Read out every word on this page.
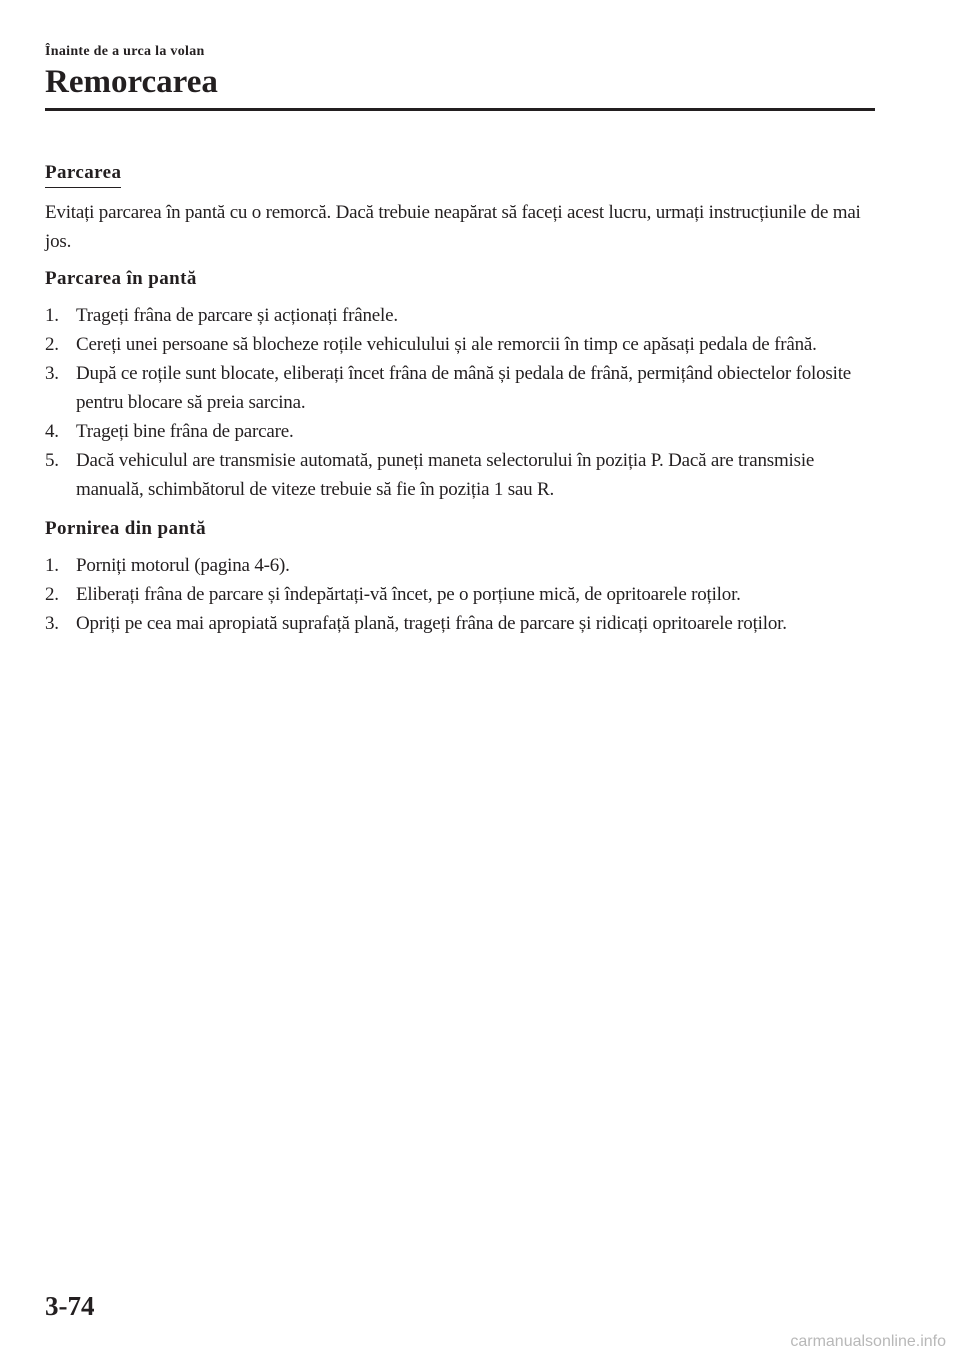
Înainte de a urca la volan
Remorcarea
Parcarea

Evitați parcarea în pantă cu o remorcă. Dacă trebuie neapărat să faceți acest lucru, urmați instrucțiunile de mai jos.

Parcarea în pantă

1. Trageți frâna de parcare și acționați frânele.
2. Cereți unei persoane să blocheze roțile vehiculului și ale remorcii în timp ce apăsați pedala de frână.
3. După ce roțile sunt blocate, eliberați încet frâna de mână și pedala de frână, permițând obiectelor folosite pentru blocare să preia sarcina.
4. Trageți bine frâna de parcare.
5. Dacă vehiculul are transmisie automată, puneți maneta selectorului în poziția P. Dacă are transmisie manuală, schimbătorul de viteze trebuie să fie în poziția 1 sau R.

Pornirea din pantă

1. Porniți motorul (pagina 4-6).
2. Eliberați frâna de parcare și îndepărtați-vă încet, pe o porțiune mică, de opritoarele roților.
3. Opriți pe cea mai apropiată suprafață plană, trageți frâna de parcare și ridicați opritoarele roților.
3-74
carmanualsonline.info
